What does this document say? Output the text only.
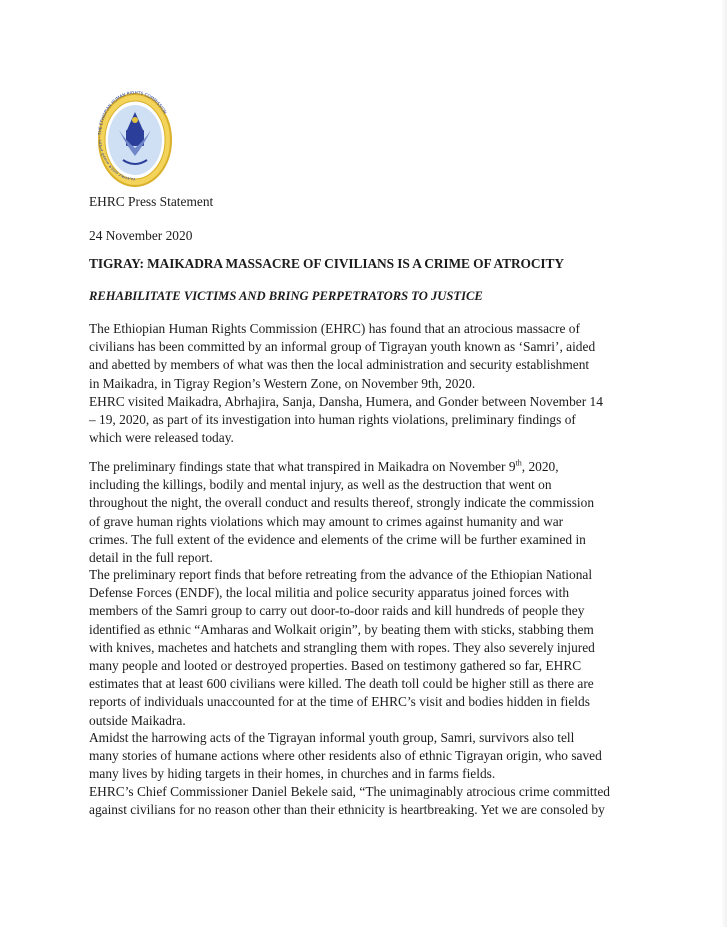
የኢትዮጵያ ሰብአዊ መብቶች ኮሚሽን · THE ETHIOPIAN HUMAN RIGHTS COMMISSION

EHRC Press Statement

24 November 2020

TIGRAY: MAIKADRA MASSACRE OF CIVILIANS IS A CRIME OF ATROCITY

REHABILITATE VICTIMS AND BRING PERPETRATORS TO JUSTICE

The Ethiopian Human Rights Commission (EHRC) has found that an atrocious massacre of
civilians has been committed by an informal group of Tigrayan youth known as ‘Samri’, aided
and abetted by members of what was then the local administration and security establishment
in Maikadra, in Tigray Region’s Western Zone, on November 9th, 2020.
EHRC visited Maikadra, Abrhajira, Sanja, Dansha, Humera, and Gonder between November 14
– 19, 2020, as part of its investigation into human rights violations, preliminary findings of
which were released today.
The preliminary findings state that what transpired in Maikadra on November 9th, 2020,
including the killings, bodily and mental injury, as well as the destruction that went on
throughout the night, the overall conduct and results thereof, strongly indicate the commission
of grave human rights violations which may amount to crimes against humanity and war
crimes. The full extent of the evidence and elements of the crime will be further examined in
detail in the full report.
The preliminary report finds that before retreating from the advance of the Ethiopian National
Defense Forces (ENDF), the local militia and police security apparatus joined forces with
members of the Samri group to carry out door-to-door raids and kill hundreds of people they
identified as ethnic “Amharas and Wolkait origin”, by beating them with sticks, stabbing them
with knives, machetes and hatchets and strangling them with ropes. They also severely injured
many people and looted or destroyed properties. Based on testimony gathered so far, EHRC
estimates that at least 600 civilians were killed. The death toll could be higher still as there are
reports of individuals unaccounted for at the time of EHRC’s visit and bodies hidden in fields
outside Maikadra.
Amidst the harrowing acts of the Tigrayan informal youth group, Samri, survivors also tell
many stories of humane actions where other residents also of ethnic Tigrayan origin, who saved
many lives by hiding targets in their homes, in churches and in farms fields.
EHRC’s Chief Commissioner Daniel Bekele said, “The unimaginably atrocious crime committed
against civilians for no reason other than their ethnicity is heartbreaking. Yet we are consoled by
